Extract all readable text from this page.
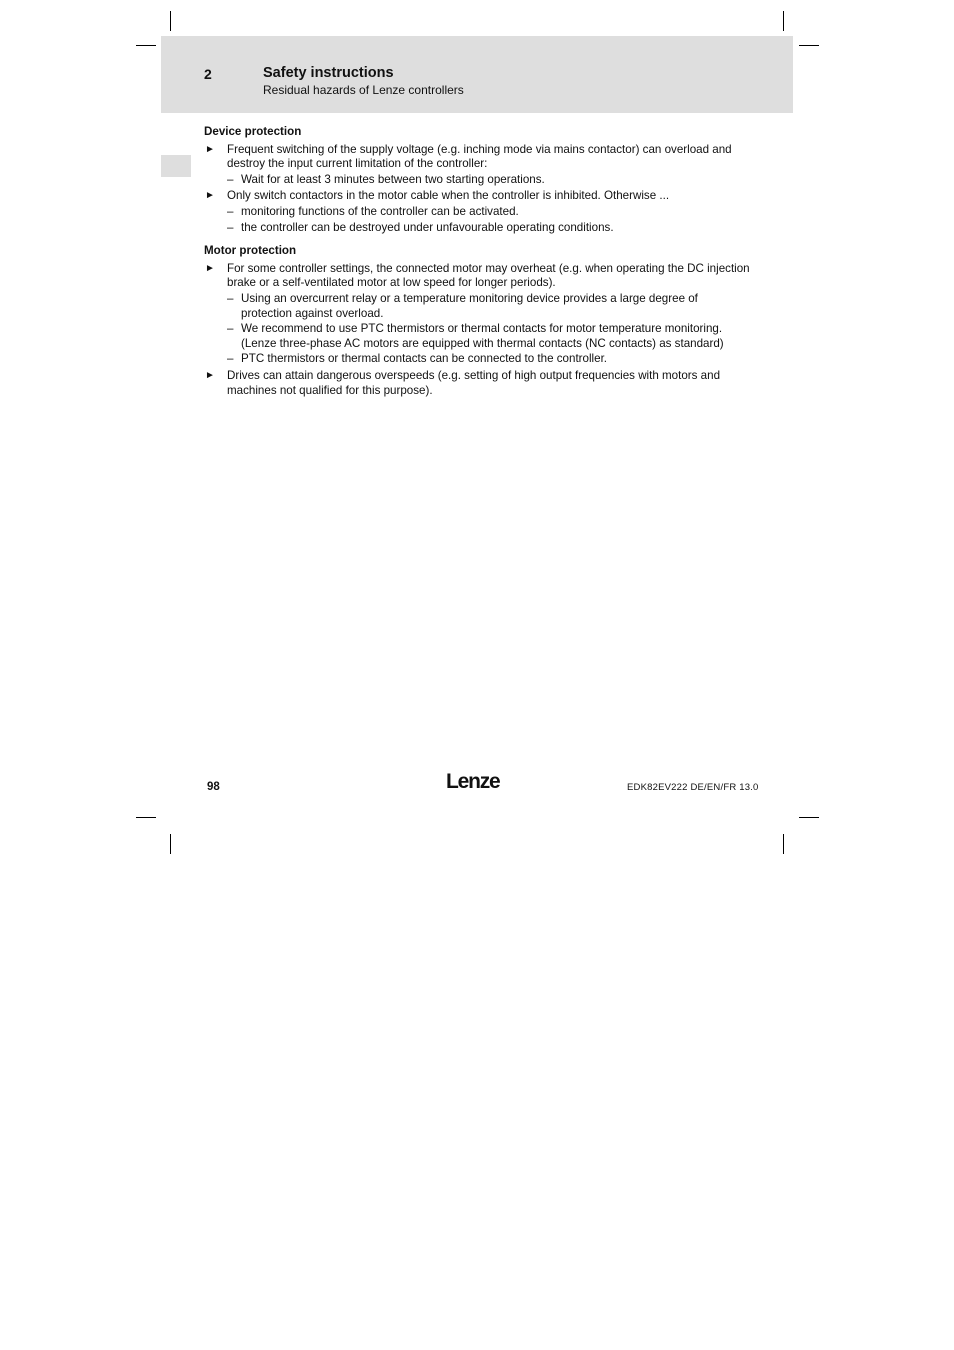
2	Safety instructions
Residual hazards of Lenze controllers
Device protection
► Frequent switching of the supply voltage (e.g. inching mode via mains contactor) can overload and destroy the input current limitation of the controller:
– Wait for at least 3 minutes between two starting operations.
► Only switch contactors in the motor cable when the controller is inhibited. Otherwise ...
– monitoring functions of the controller can be activated.
– the controller can be destroyed under unfavourable operating conditions.
Motor protection
► For some controller settings, the connected motor may overheat (e.g. when operating the DC injection brake or a self-ventilated motor at low speed for longer periods).
– Using an overcurrent relay or a temperature monitoring device provides a large degree of protection against overload.
– We recommend to use PTC thermistors or thermal contacts for motor temperature monitoring. (Lenze three-phase AC motors are equipped with thermal contacts (NC contacts) as standard)
– PTC thermistors or thermal contacts can be connected to the controller.
► Drives can attain dangerous overspeeds (e.g. setting of high output frequencies with motors and machines not qualified for this purpose).
98	Lenze	EDK82EV222 DE/EN/FR 13.0
